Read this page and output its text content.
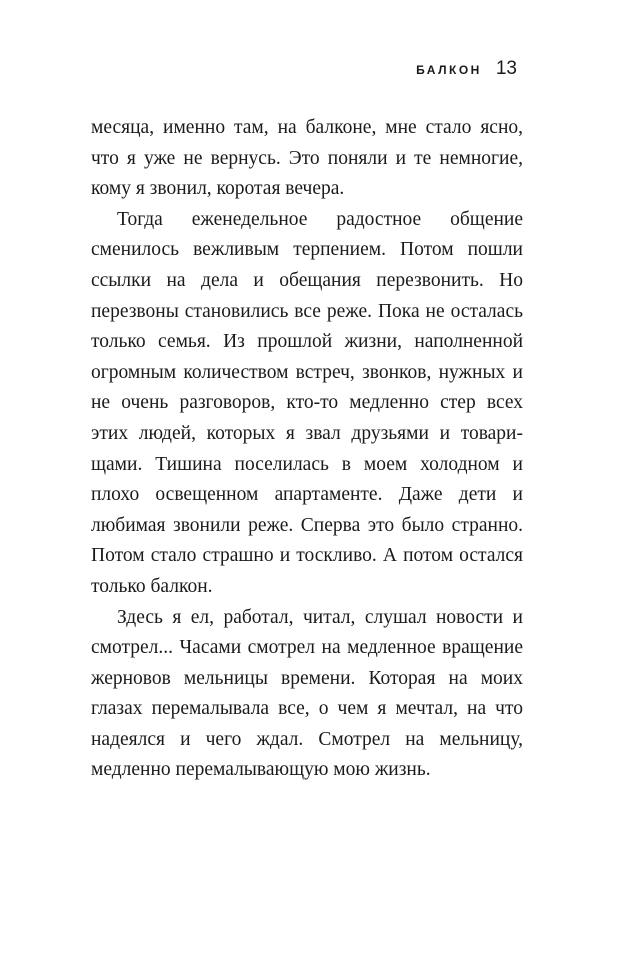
БАЛКОН 13

месяца, именно там, на балконе, мне стало ясно, что я уже не вернусь. Это поняли и те немногие, кому я звонил, коротая вечера.

Тогда еженедельное радостное общение сменилось вежливым терпением. Потом пошли ссылки на дела и обещания перезвонить. Но перезвоны становились все реже. Пока не осталась только семья. Из прошлой жизни, наполненной огромным количеством встреч, звонков, нужных и не очень разговоров, кто-то медленно стер всех этих людей, которых я звал друзьями и товарищами. Тишина поселилась в моем холодном и плохо освещенном апартаменте. Даже дети и любимая звонили реже. Сперва это было странно. Потом стало страшно и тоскливо. А потом остался только балкон.

Здесь я ел, работал, читал, слушал новости и смотрел... Часами смотрел на медленное вращение жерновов мельницы времени. Которая на моих глазах перемалывала все, о чем я мечтал, на что надеялся и чего ждал. Смотрел на мельницу, медленно перемалывающую мою жизнь.
